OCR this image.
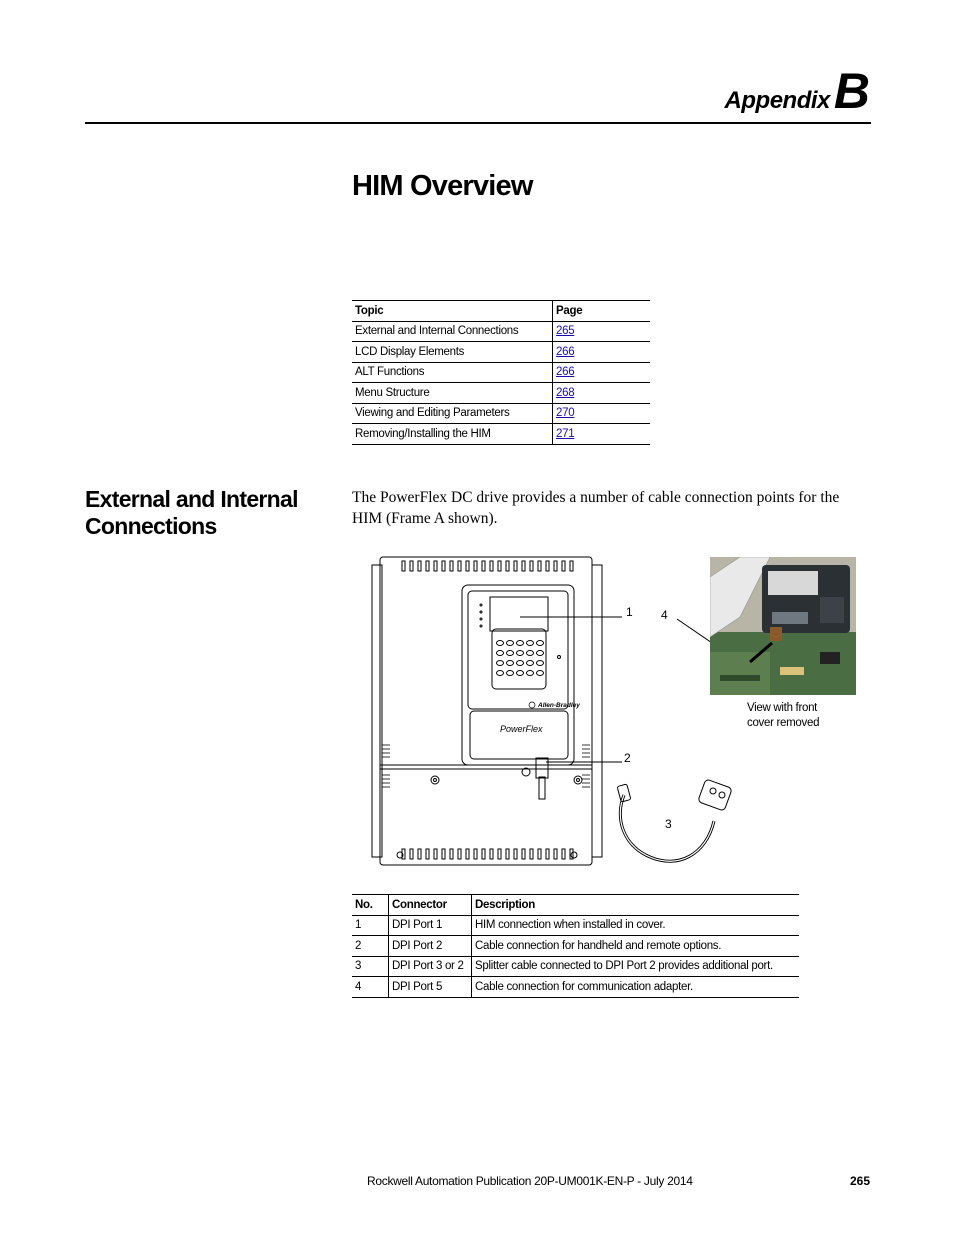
AppendixB
HIM Overview
Topic	Page
External and Internal Connections	265
LCD Display Elements	266
ALT Functions	266
Menu Structure	268
Viewing and Editing Parameters	270
Removing/Installing the HIM	271
External and Internal Connections

The PowerFlex DC drive provides a number of cable connection points for the HIM (Frame A shown).

Allen-Bradley
PowerFlex
1
2
3
4
View with front
cover removed
No.	Connector	Description
1	DPI Port 1	HIM connection when installed in cover.
2	DPI Port 2	Cable connection for handheld and remote options.
3	DPI Port 3 or 2	Splitter cable connected to DPI Port 2 provides additional port.
4	DPI Port 5	Cable connection for communication adapter.
Rockwell Automation Publication 20P-UM001K-EN-P - July 2014	265
